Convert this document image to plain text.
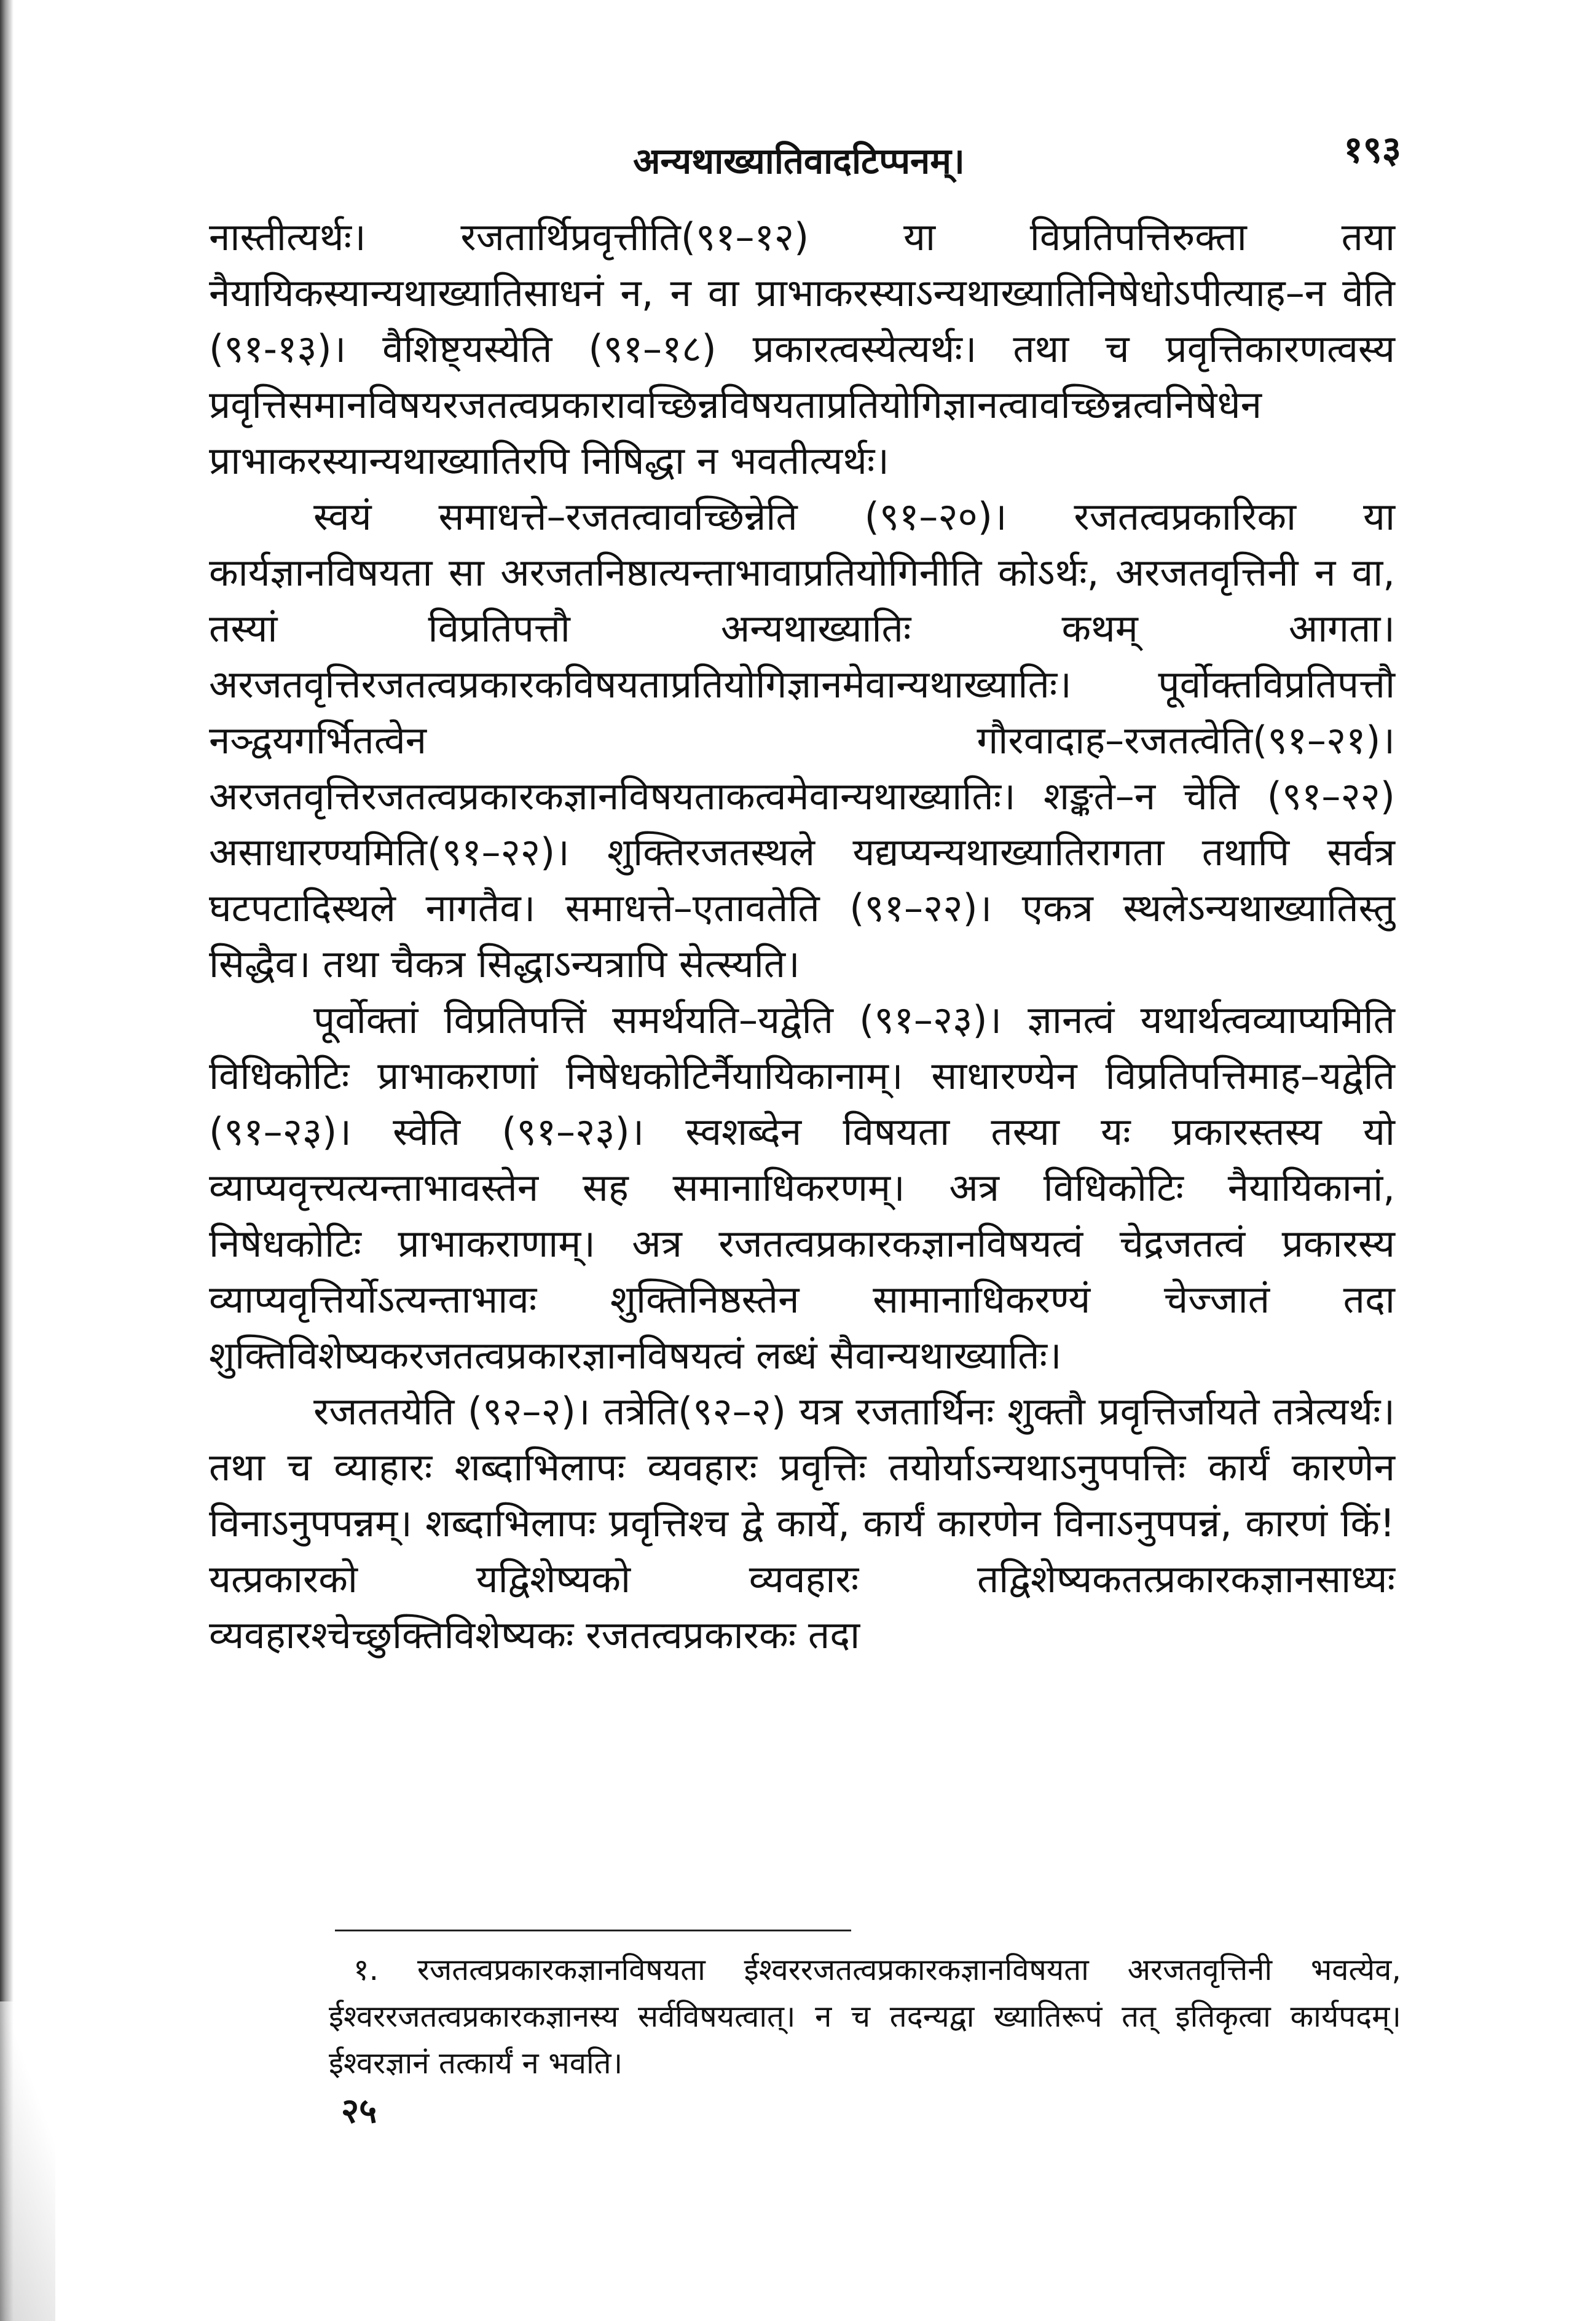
अन्यथाख्यातिवादटिप्पनम्।	१९३

नास्तीत्यर्थः। रजतार्थिप्रवृत्तीति(९१–१२) या विप्रतिपत्तिरुक्ता तया नैयायिकस्यान्यथाख्यातिसाधनं न, न वा प्राभाकरस्याऽन्यथाख्यातिनिषेधोऽपीत्याह–न वेति (९१-१३)। वैशिष्ट्यस्येति (९१–१८) प्रकारत्वस्येत्यर्थः। तथा च प्रवृत्तिकारणत्वस्य प्रवृत्तिसमानविषयरजतत्वप्रकारावच्छिन्नविषयताप्रतियोगिज्ञानत्वावच्छिन्नत्वनिषेधेन प्राभाकरस्यान्यथाख्यातिरपि निषिद्धा न भवतीत्यर्थः।

स्वयं समाधत्ते–रजतत्वावच्छिन्नेति (९१–२०)। रजतत्वप्रकारिका या कार्यज्ञानविषयता सा अरजतनिष्ठात्यन्ताभावाप्रतियोगिनीति कोऽर्थः, अरजतवृत्तिनी न वा, तस्यां विप्रतिपत्तौ अन्यथाख्यातिः कथम् आगता। अरजतवृत्तिरजतत्वप्रकारकविषयताप्रतियोगिज्ञानमेवान्यथाख्यातिः। पूर्वोक्तविप्रतिपत्तौ नञ्द्वयगर्भितत्वेन गौरवादाह–रजतत्वेति(९१–२१)। अरजतवृत्तिरजतत्वप्रकारकज्ञानविषयताकत्वमेवान्यथाख्यातिः। शङ्कते–न चेति (९१–२२) असाधारण्यमिति(९१–२२)। शुक्तिरजतस्थले यद्यप्यन्यथाख्यातिरागता तथापि सर्वत्र घटपटादिस्थले नागतैव। समाधत्ते–एतावतेति (९१–२२)। एकत्र स्थलेऽन्यथाख्यातिस्तु सिद्धैव। तथा चैकत्र सिद्धाऽन्यत्रापि सेत्स्यति।

पूर्वोक्तां विप्रतिपत्तिं समर्थयति–यद्वेति (९१–२३)। ज्ञानत्वं यथार्थत्वव्याप्यमिति विधिकोटिः प्राभाकराणां निषेधकोटिर्नैयायिकानाम्। साधारण्येन विप्रतिपत्तिमाह–यद्वेति (९१–२३)। स्वेति (९१–२३)। स्वशब्देन विषयता तस्या यः प्रकारस्तस्य यो व्याप्यवृत्त्यत्यन्ताभावस्तेन सह समानाधिकरणम्। अत्र विधिकोटिः नैयायिकानां, निषेधकोटिः प्राभाकराणाम्। अत्र रजतत्वप्रकारकज्ञानविषयत्वं चेद्रजतत्वं प्रकारस्य व्याप्यवृत्तिर्योऽत्यन्ताभावः शुक्तिनिष्ठस्तेन सामानाधिकरण्यं चेज्जातं तदा शुक्तिविशेष्यकरजतत्वप्रकारज्ञानविषयत्वं लब्धं सैवान्यथाख्यातिः।

रजततयेति (९२–२)। तत्रेति(९२–२) यत्र रजतार्थिनः शुक्तौ प्रवृत्तिर्जायते तत्रेत्यर्थः। तथा च व्याहारः शब्दाभिलापः व्यवहारः प्रवृत्तिः तयोर्याऽन्यथाऽनुपपत्तिः कार्यं कारणेन विनाऽनुपपन्नम्। शब्दाभिलापः प्रवृत्तिश्च द्वे कार्ये, कार्यं कारणेन विनाऽनुपपन्नं, कारणं किं! यत्प्रकारको यद्विशेष्यको व्यवहारः तद्विशेष्यकतत्प्रकारकज्ञानसाध्यः व्यवहारश्चेच्छुक्तिविशेष्यकः रजतत्वप्रकारकः तदा

१. रजतत्वप्रकारकज्ञानविषयता ईश्वररजतत्वप्रकारकज्ञानविषयता अरजतवृत्तिनी भवत्येव, ईश्वररजतत्वप्रकारकज्ञानस्य सर्वविषयत्वात्। न च तदन्यद्वा ख्यातिरूपं तत् इतिकृत्वा कार्यपदम्। ईश्वरज्ञानं तत्कार्यं न भवति।

२५
